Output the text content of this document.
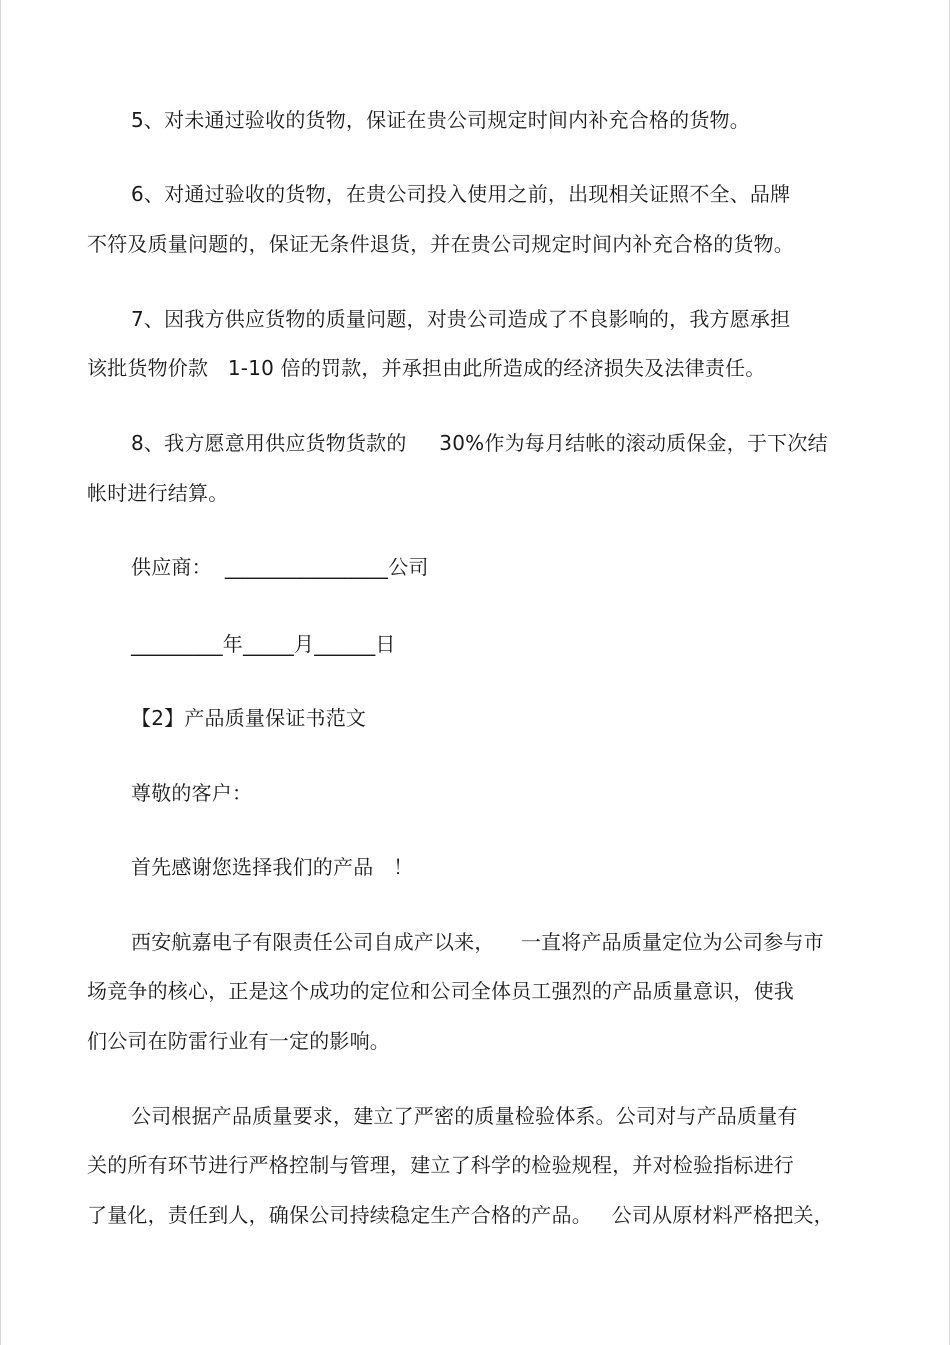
5、对未通过验收的货物，保证在贵公司规定时间内补充合格的货物。

6、对通过验收的货物，在贵公司投入使用之前，出现相关证照不全、品牌

不符及质量问题的，保证无条件退货，并在贵公司规定时间内补充合格的货物。

7、因我方供应货物的质量问题，对贵公司造成了不良影响的，我方愿承担

该批货物价款   1-10 倍的罚款，并承担由此所造成的经济损失及法律责任。

8、我方愿意用供应货物货款的     30%作为每月结帐的滚动质保金，于下次结

帐时进行结算。

供应商：  ________________公司

_________年_____月______日

【2】产品质量保证书范文

尊敬的客户：

首先感谢您选择我们的产品   ！

西安航嘉电子有限责任公司自成产以来，    一直将产品质量定位为公司参与市

场竞争的核心，正是这个成功的定位和公司全体员工强烈的产品质量意识，使我

们公司在防雷行业有一定的影响。

公司根据产品质量要求，建立了严密的质量检验体系。公司对与产品质量有

关的所有环节进行严格控制与管理，建立了科学的检验规程，并对检验指标进行

了量化，责任到人，确保公司持续稳定生产合格的产品。   公司从原材料严格把关，
